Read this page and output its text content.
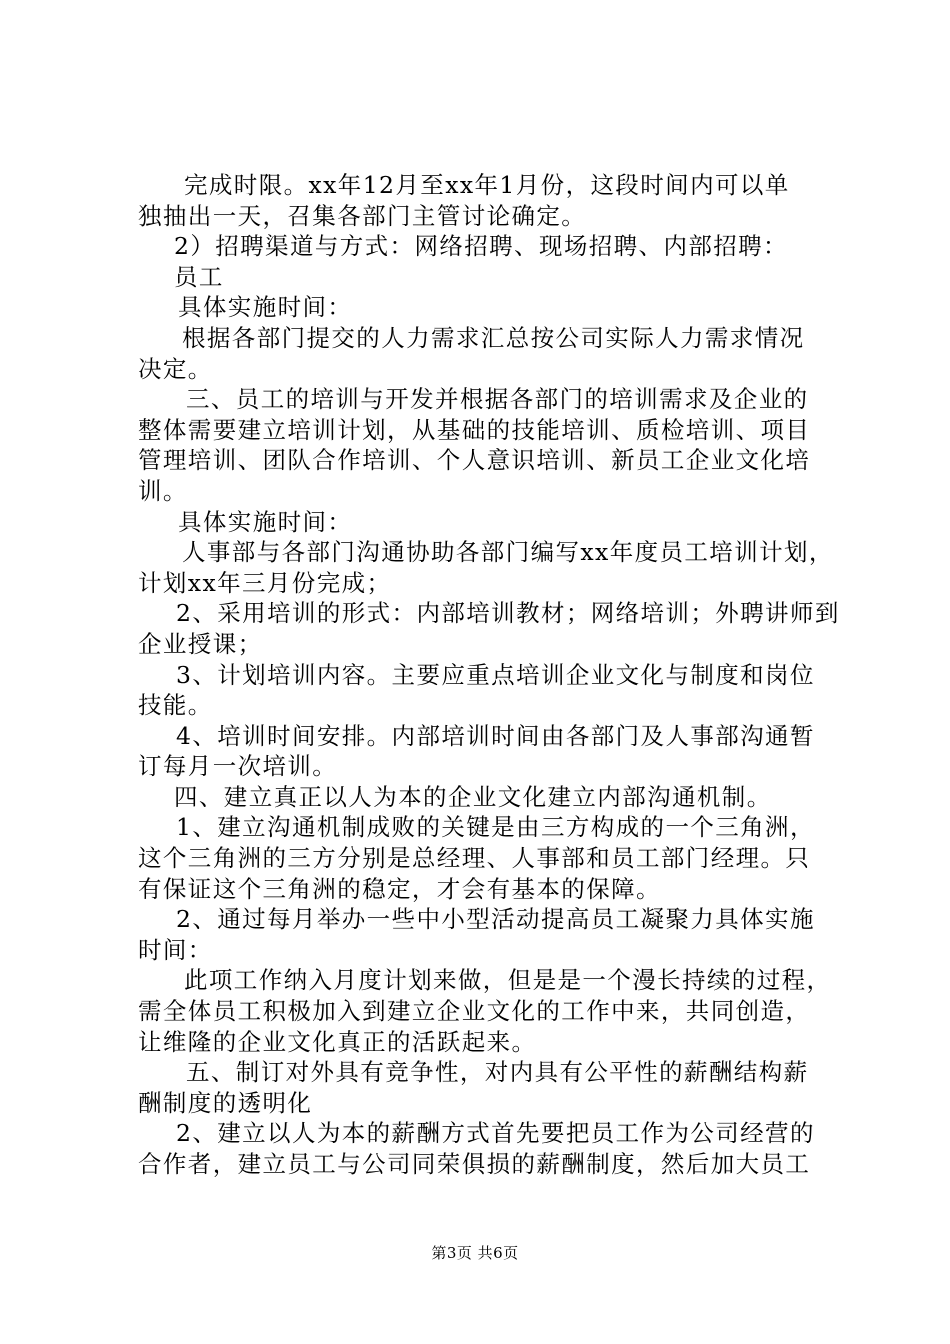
完成时限。xx年12月至xx年1月份，这段时间内可以单

独抽出一天，召集各部门主管讨论确定。

2）招聘渠道与方式：网络招聘、现场招聘、内部招聘：

员工

具体实施时间：

根据各部门提交的人力需求汇总按公司实际人力需求情况

决定。

三、员工的培训与开发并根据各部门的培训需求及企业的

整体需要建立培训计划，从基础的技能培训、质检培训、项目

管理培训、团队合作培训、个人意识培训、新员工企业文化培

训。

具体实施时间：

人事部与各部门沟通协助各部门编写xx年度员工培训计划，

计划xx年三月份完成；

2、采用培训的形式：内部培训教材；网络培训；外聘讲师到

企业授课；

3、计划培训内容。主要应重点培训企业文化与制度和岗位

技能。

4、培训时间安排。内部培训时间由各部门及人事部沟通暂

订每月一次培训。

四、建立真正以人为本的企业文化建立内部沟通机制。

1、建立沟通机制成败的关键是由三方构成的一个三角洲，

这个三角洲的三方分别是总经理、人事部和员工部门经理。只

有保证这个三角洲的稳定，才会有基本的保障。

2、通过每月举办一些中小型活动提高员工凝聚力具体实施

时间：

此项工作纳入月度计划来做，但是是一个漫长持续的过程，

需全体员工积极加入到建立企业文化的工作中来，共同创造，

让维隆的企业文化真正的活跃起来。

五、制订对外具有竞争性，对内具有公平性的薪酬结构薪

酬制度的透明化

2、建立以人为本的薪酬方式首先要把员工作为公司经营的

合作者，建立员工与公司同荣俱损的薪酬制度，然后加大员工

第3页 共6页
